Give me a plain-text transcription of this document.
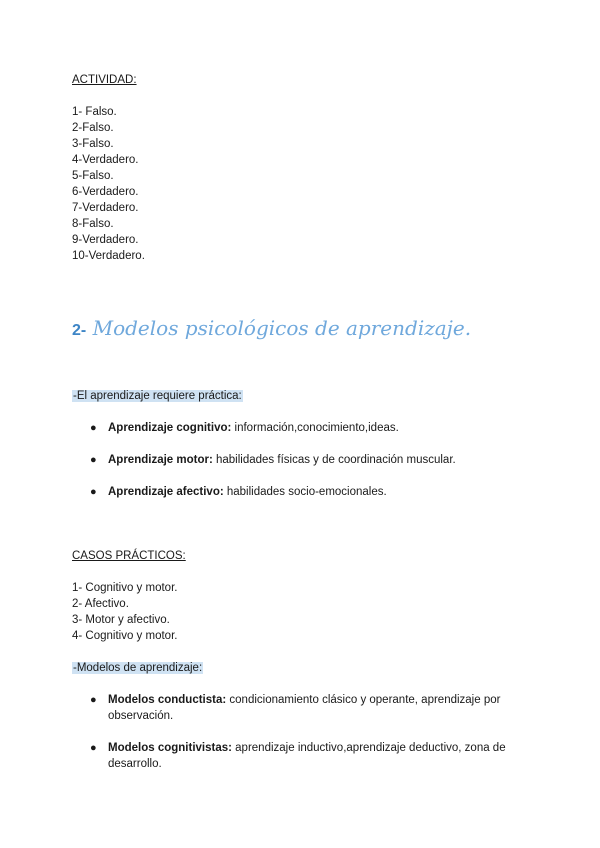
ACTIVIDAD:
1- Falso.
2-Falso.
3-Falso.
4-Verdadero.
5-Falso.
6-Verdadero.
7-Verdadero.
8-Falso.
9-Verdadero.
10-Verdadero.
2- Modelos psicológicos de aprendizaje.
-El aprendizaje requiere práctica:
● Aprendizaje cognitivo: información,conocimiento,ideas.
● Aprendizaje motor: habilidades físicas y de coordinación muscular.
● Aprendizaje afectivo: habilidades socio-emocionales.
CASOS PRÁCTICOS:
1- Cognitivo y motor.
2- Afectivo.
3- Motor y afectivo.
4- Cognitivo y motor.
-Modelos de aprendizaje:
● Modelos conductista: condicionamiento clásico y operante, aprendizaje por observación.
● Modelos cognitivistas: aprendizaje inductivo,aprendizaje deductivo, zona de desarrollo.
